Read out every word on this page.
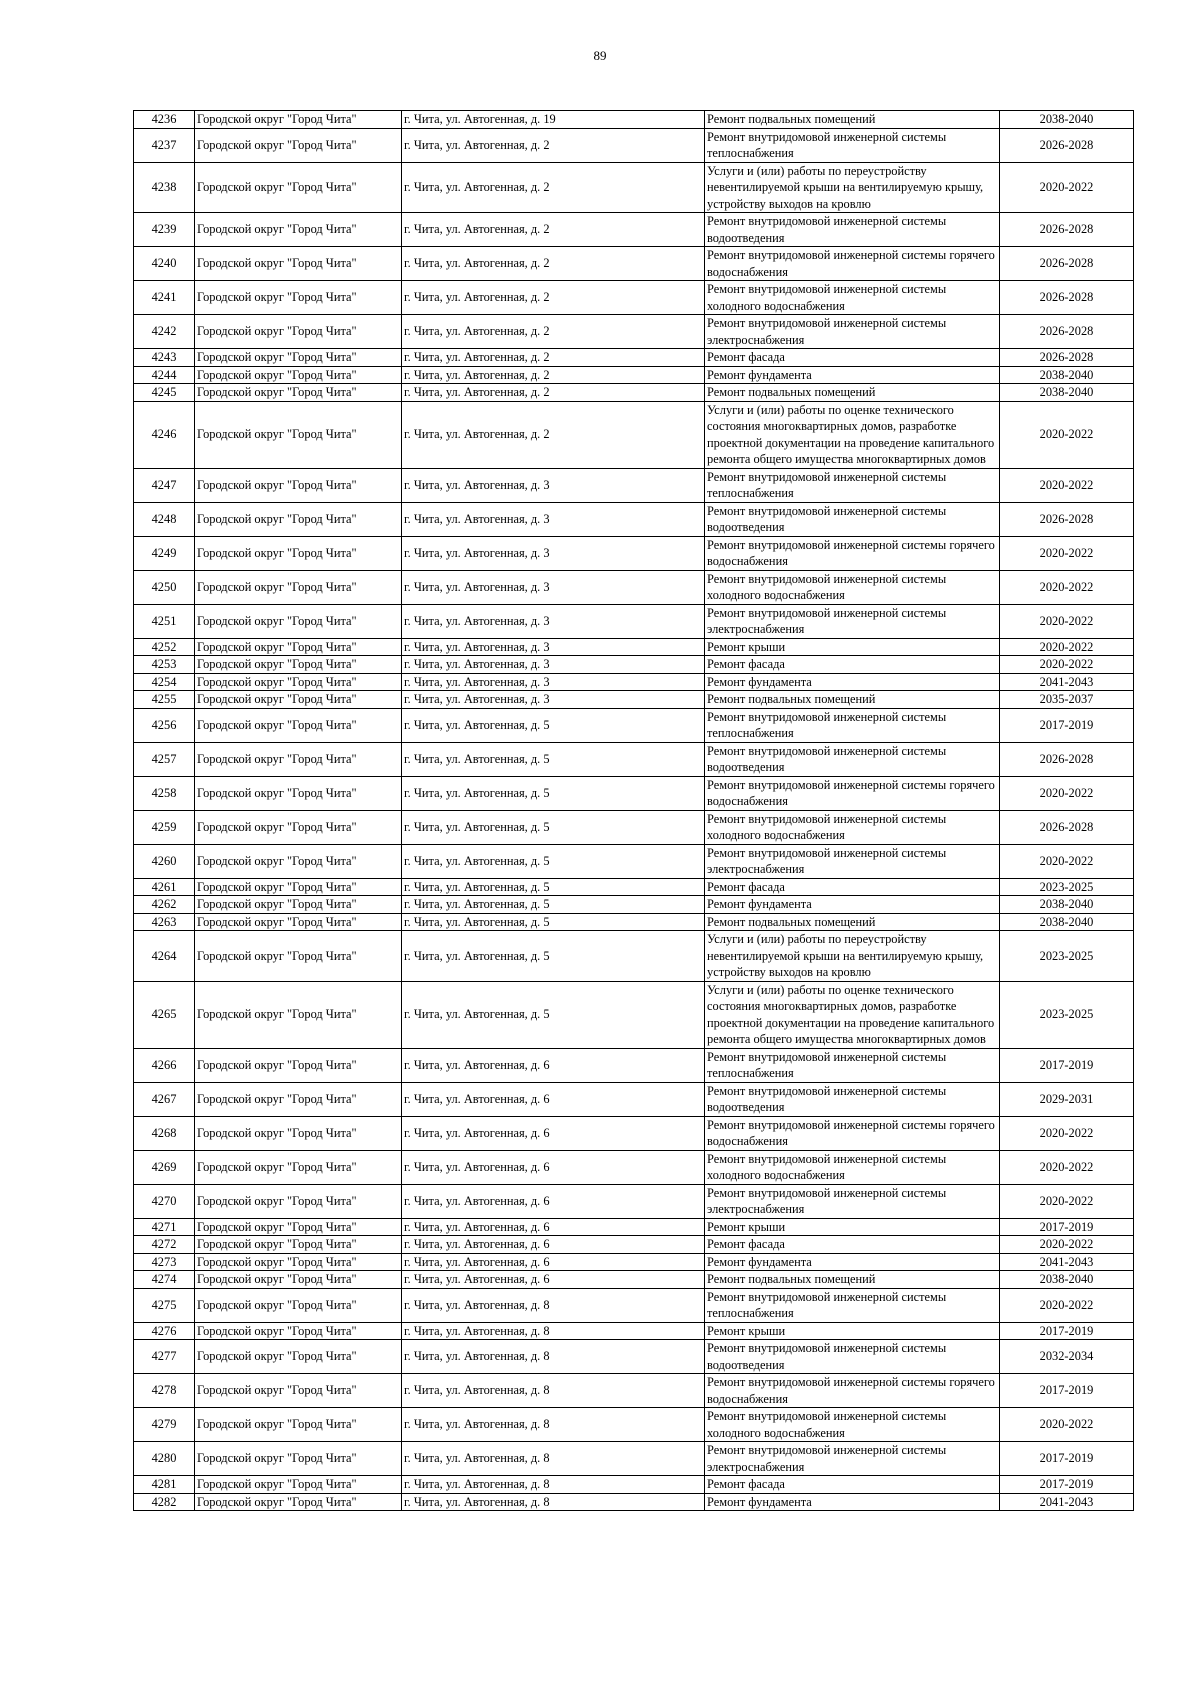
89
4236	Городской округ "Город Чита"	г. Чита, ул. Автогенная, д. 19	Ремонт подвальных помещений	2038-2040
4237	Городской округ "Город Чита"	г. Чита, ул. Автогенная, д. 2	Ремонт внутридомовой инженерной системы теплоснабжения	2026-2028
4238	Городской округ "Город Чита"	г. Чита, ул. Автогенная, д. 2	Услуги и (или) работы по переустройству невентилируемой крыши на вентилируемую крышу, устройству выходов на кровлю	2020-2022
4239	Городской округ "Город Чита"	г. Чита, ул. Автогенная, д. 2	Ремонт внутридомовой инженерной системы водоотведения	2026-2028
4240	Городской округ "Город Чита"	г. Чита, ул. Автогенная, д. 2	Ремонт внутридомовой инженерной системы горячего водоснабжения	2026-2028
4241	Городской округ "Город Чита"	г. Чита, ул. Автогенная, д. 2	Ремонт внутридомовой инженерной системы холодного водоснабжения	2026-2028
4242	Городской округ "Город Чита"	г. Чита, ул. Автогенная, д. 2	Ремонт внутридомовой инженерной системы электроснабжения	2026-2028
4243	Городской округ "Город Чита"	г. Чита, ул. Автогенная, д. 2	Ремонт фасада	2026-2028
4244	Городской округ "Город Чита"	г. Чита, ул. Автогенная, д. 2	Ремонт фундамента	2038-2040
4245	Городской округ "Город Чита"	г. Чита, ул. Автогенная, д. 2	Ремонт подвальных помещений	2038-2040
4246	Городской округ "Город Чита"	г. Чита, ул. Автогенная, д. 2	Услуги и (или) работы по оценке технического состояния многоквартирных домов, разработке проектной документации на проведение капитального ремонта общего имущества многоквартирных домов	2020-2022
4247	Городской округ "Город Чита"	г. Чита, ул. Автогенная, д. 3	Ремонт внутридомовой инженерной системы теплоснабжения	2020-2022
4248	Городской округ "Город Чита"	г. Чита, ул. Автогенная, д. 3	Ремонт внутридомовой инженерной системы водоотведения	2026-2028
4249	Городской округ "Город Чита"	г. Чита, ул. Автогенная, д. 3	Ремонт внутридомовой инженерной системы горячего водоснабжения	2020-2022
4250	Городской округ "Город Чита"	г. Чита, ул. Автогенная, д. 3	Ремонт внутридомовой инженерной системы холодного водоснабжения	2020-2022
4251	Городской округ "Город Чита"	г. Чита, ул. Автогенная, д. 3	Ремонт внутридомовой инженерной системы электроснабжения	2020-2022
4252	Городской округ "Город Чита"	г. Чита, ул. Автогенная, д. 3	Ремонт крыши	2020-2022
4253	Городской округ "Город Чита"	г. Чита, ул. Автогенная, д. 3	Ремонт фасада	2020-2022
4254	Городской округ "Город Чита"	г. Чита, ул. Автогенная, д. 3	Ремонт фундамента	2041-2043
4255	Городской округ "Город Чита"	г. Чита, ул. Автогенная, д. 3	Ремонт подвальных помещений	2035-2037
4256	Городской округ "Город Чита"	г. Чита, ул. Автогенная, д. 5	Ремонт внутридомовой инженерной системы теплоснабжения	2017-2019
4257	Городской округ "Город Чита"	г. Чита, ул. Автогенная, д. 5	Ремонт внутридомовой инженерной системы водоотведения	2026-2028
4258	Городской округ "Город Чита"	г. Чита, ул. Автогенная, д. 5	Ремонт внутридомовой инженерной системы горячего водоснабжения	2020-2022
4259	Городской округ "Город Чита"	г. Чита, ул. Автогенная, д. 5	Ремонт внутридомовой инженерной системы холодного водоснабжения	2026-2028
4260	Городской округ "Город Чита"	г. Чита, ул. Автогенная, д. 5	Ремонт внутридомовой инженерной системы электроснабжения	2020-2022
4261	Городской округ "Город Чита"	г. Чита, ул. Автогенная, д. 5	Ремонт фасада	2023-2025
4262	Городской округ "Город Чита"	г. Чита, ул. Автогенная, д. 5	Ремонт фундамента	2038-2040
4263	Городской округ "Город Чита"	г. Чита, ул. Автогенная, д. 5	Ремонт подвальных помещений	2038-2040
4264	Городской округ "Город Чита"	г. Чита, ул. Автогенная, д. 5	Услуги и (или) работы по переустройству невентилируемой крыши на вентилируемую крышу, устройству выходов на кровлю	2023-2025
4265	Городской округ "Город Чита"	г. Чита, ул. Автогенная, д. 5	Услуги и (или) работы по оценке технического состояния многоквартирных домов, разработке проектной документации на проведение капитального ремонта общего имущества многоквартирных домов	2023-2025
4266	Городской округ "Город Чита"	г. Чита, ул. Автогенная, д. 6	Ремонт внутридомовой инженерной системы теплоснабжения	2017-2019
4267	Городской округ "Город Чита"	г. Чита, ул. Автогенная, д. 6	Ремонт внутридомовой инженерной системы водоотведения	2029-2031
4268	Городской округ "Город Чита"	г. Чита, ул. Автогенная, д. 6	Ремонт внутридомовой инженерной системы горячего водоснабжения	2020-2022
4269	Городской округ "Город Чита"	г. Чита, ул. Автогенная, д. 6	Ремонт внутридомовой инженерной системы холодного водоснабжения	2020-2022
4270	Городской округ "Город Чита"	г. Чита, ул. Автогенная, д. 6	Ремонт внутридомовой инженерной системы электроснабжения	2020-2022
4271	Городской округ "Город Чита"	г. Чита, ул. Автогенная, д. 6	Ремонт крыши	2017-2019
4272	Городской округ "Город Чита"	г. Чита, ул. Автогенная, д. 6	Ремонт фасада	2020-2022
4273	Городской округ "Город Чита"	г. Чита, ул. Автогенная, д. 6	Ремонт фундамента	2041-2043
4274	Городской округ "Город Чита"	г. Чита, ул. Автогенная, д. 6	Ремонт подвальных помещений	2038-2040
4275	Городской округ "Город Чита"	г. Чита, ул. Автогенная, д. 8	Ремонт внутридомовой инженерной системы теплоснабжения	2020-2022
4276	Городской округ "Город Чита"	г. Чита, ул. Автогенная, д. 8	Ремонт крыши	2017-2019
4277	Городской округ "Город Чита"	г. Чита, ул. Автогенная, д. 8	Ремонт внутридомовой инженерной системы водоотведения	2032-2034
4278	Городской округ "Город Чита"	г. Чита, ул. Автогенная, д. 8	Ремонт внутридомовой инженерной системы горячего водоснабжения	2017-2019
4279	Городской округ "Город Чита"	г. Чита, ул. Автогенная, д. 8	Ремонт внутридомовой инженерной системы холодного водоснабжения	2020-2022
4280	Городской округ "Город Чита"	г. Чита, ул. Автогенная, д. 8	Ремонт внутридомовой инженерной системы электроснабжения	2017-2019
4281	Городской округ "Город Чита"	г. Чита, ул. Автогенная, д. 8	Ремонт фасада	2017-2019
4282	Городской округ "Город Чита"	г. Чита, ул. Автогенная, д. 8	Ремонт фундамента	2041-2043
